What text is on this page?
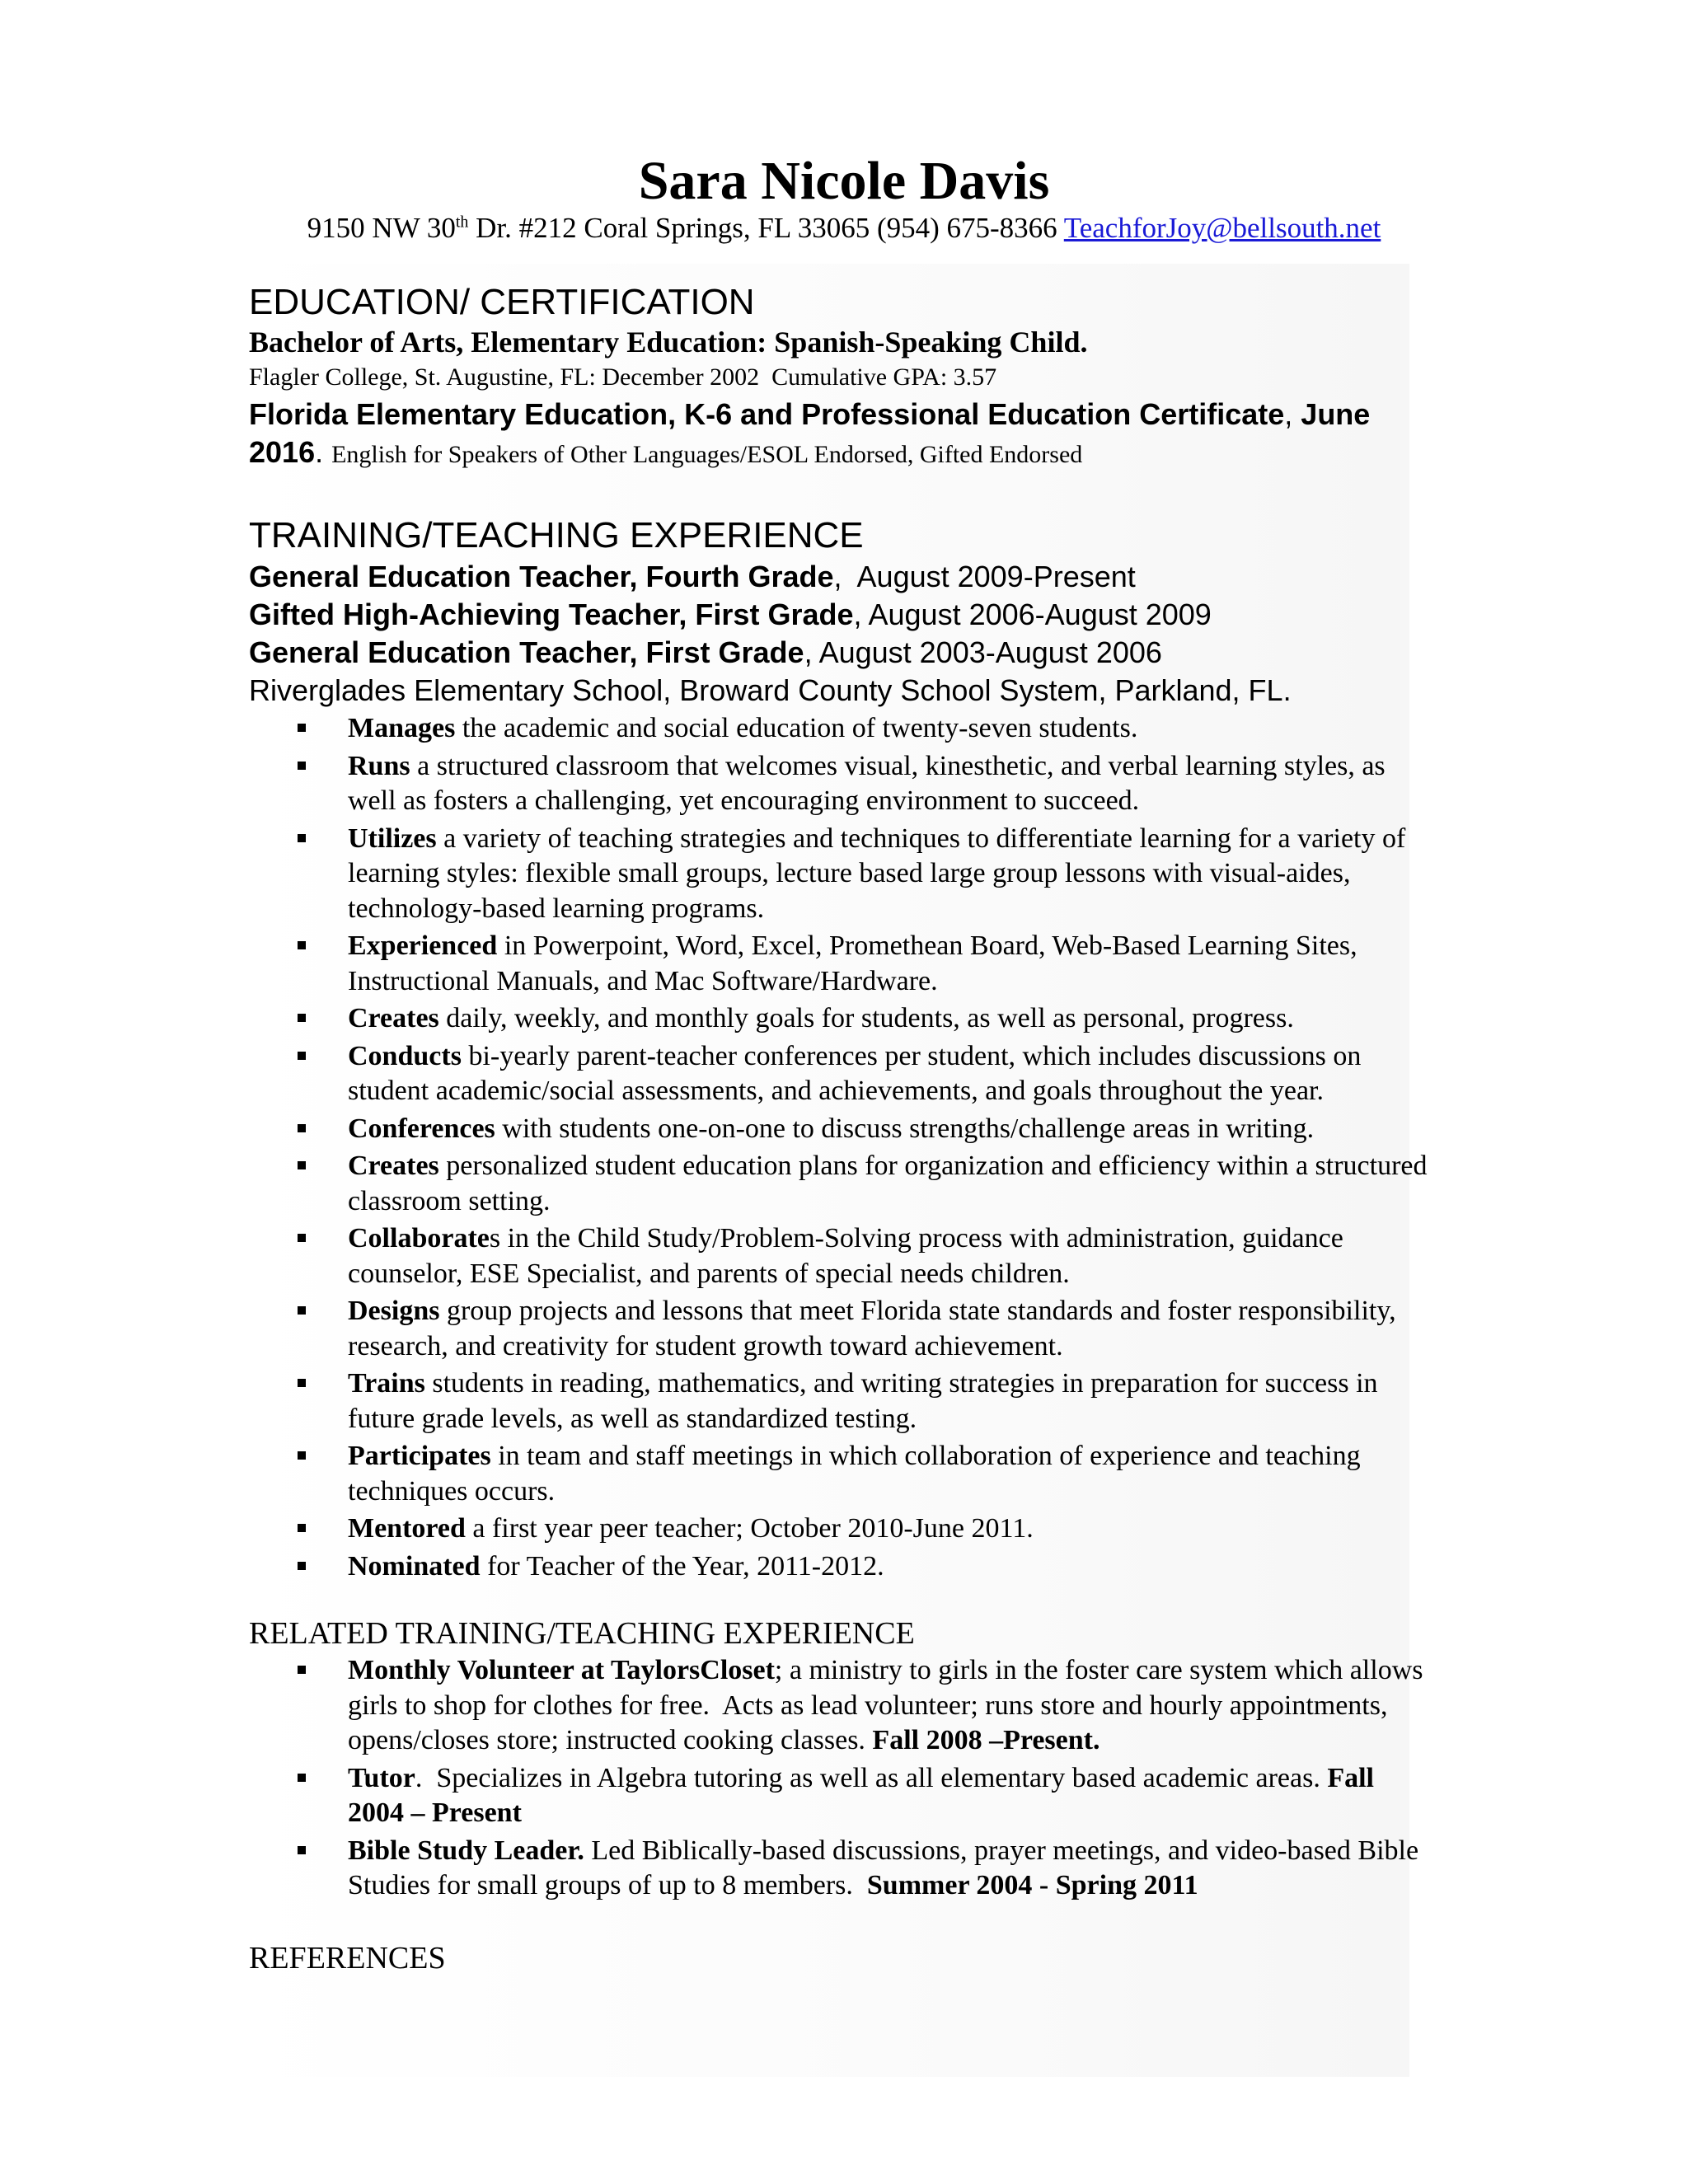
Sara Nicole Davis
9150 NW 30th Dr. #212 Coral Springs, FL 33065 (954) 675-8366 TeachforJoy@bellsouth.net
EDUCATION/ CERTIFICATION
Bachelor of Arts, Elementary Education: Spanish-Speaking Child.
Flagler College, St. Augustine, FL: December 2002  Cumulative GPA: 3.57
Florida Elementary Education, K-6 and Professional Education Certificate, June 2016. English for Speakers of Other Languages/ESOL Endorsed, Gifted Endorsed
TRAINING/TEACHING EXPERIENCE
General Education Teacher, Fourth Grade,  August 2009-Present
Gifted High-Achieving Teacher, First Grade, August 2006-August 2009
General Education Teacher, First Grade, August 2003-August 2006
Riverglades Elementary School, Broward County School System, Parkland, FL.
Manages the academic and social education of twenty-seven students.
Runs a structured classroom that welcomes visual, kinesthetic, and verbal learning styles, as well as fosters a challenging, yet encouraging environment to succeed.
Utilizes a variety of teaching strategies and techniques to differentiate learning for a variety of learning styles: flexible small groups, lecture based large group lessons with visual-aides, technology-based learning programs.
Experienced in Powerpoint, Word, Excel, Promethean Board, Web-Based Learning Sites, Instructional Manuals, and Mac Software/Hardware.
Creates daily, weekly, and monthly goals for students, as well as personal, progress.
Conducts bi-yearly parent-teacher conferences per student, which includes discussions on student academic/social assessments, and achievements, and goals throughout the year.
Conferences with students one-on-one to discuss strengths/challenge areas in writing.
Creates personalized student education plans for organization and efficiency within a structured classroom setting.
Collaborates in the Child Study/Problem-Solving process with administration, guidance counselor, ESE Specialist, and parents of special needs children.
Designs group projects and lessons that meet Florida state standards and foster responsibility, research, and creativity for student growth toward achievement.
Trains students in reading, mathematics, and writing strategies in preparation for success in future grade levels, as well as standardized testing.
Participates in team and staff meetings in which collaboration of experience and teaching techniques occurs.
Mentored a first year peer teacher; October 2010-June 2011.
Nominated for Teacher of the Year, 2011-2012.
RELATED TRAINING/TEACHING EXPERIENCE
Monthly Volunteer at TaylorsCloset; a ministry to girls in the foster care system which allows girls to shop for clothes for free.  Acts as lead volunteer; runs store and hourly appointments, opens/closes store; instructed cooking classes. Fall 2008 –Present.
Tutor.  Specializes in Algebra tutoring as well as all elementary based academic areas. Fall 2004 – Present
Bible Study Leader. Led Biblically-based discussions, prayer meetings, and video-based Bible Studies for small groups of up to 8 members.  Summer 2004 - Spring 2011
REFERENCES
